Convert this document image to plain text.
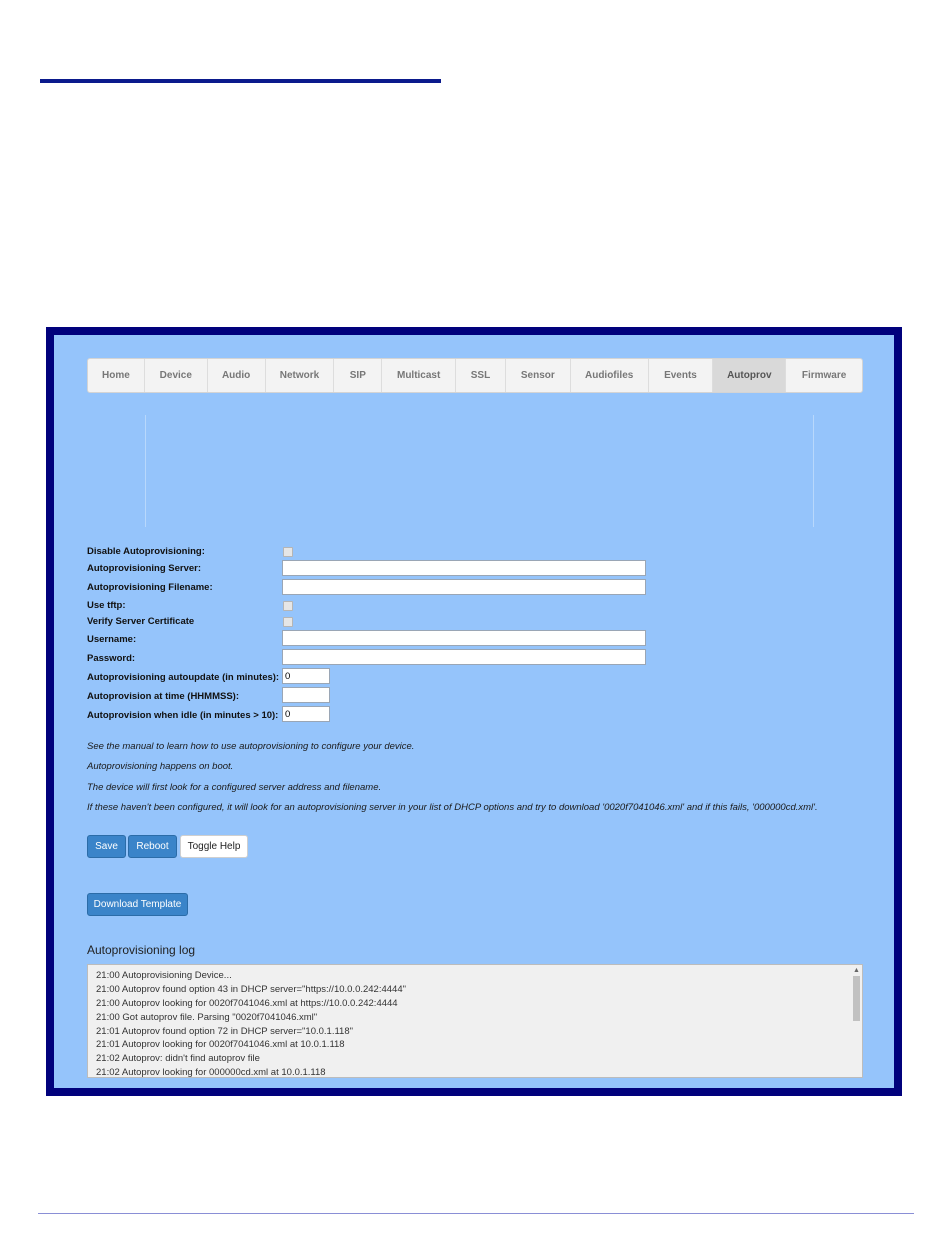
Home	Device	Audio	Network	SIP	Multicast	SSL	Sensor	Audiofiles	Events	Autoprov	Firmware
Disable Autoprovisioning:
Autoprovisioning Server:
Autoprovisioning Filename:
Use tftp:
Verify Server Certificate
Username:
Password:
Autoprovisioning autoupdate (in minutes):
0
Autoprovision at time (HHMMSS):
Autoprovision when idle (in minutes > 10):
0
See the manual to learn how to use autoprovisioning to configure your device.
Autoprovisioning happens on boot.
The device will first look for a configured server address and filename.
If these haven't been configured, it will look for an autoprovisioning server in your list of DHCP options and try to download '0020f7041046.xml' and if this fails, '000000cd.xml'.
Save	Reboot	Toggle Help
Download Template
Autoprovisioning log
21:00 Autoprovisioning Device...
21:00 Autoprov found option 43 in DHCP server="https://10.0.0.242:4444"
21:00 Autoprov looking for 0020f7041046.xml at https://10.0.0.242:4444
21:00 Got autoprov file. Parsing "0020f7041046.xml"
21:01 Autoprov found option 72 in DHCP server="10.0.1.118"
21:01 Autoprov looking for 0020f7041046.xml at 10.0.1.118
21:02 Autoprov: didn't find autoprov file
21:02 Autoprov looking for 000000cd.xml at 10.0.1.118
▲
